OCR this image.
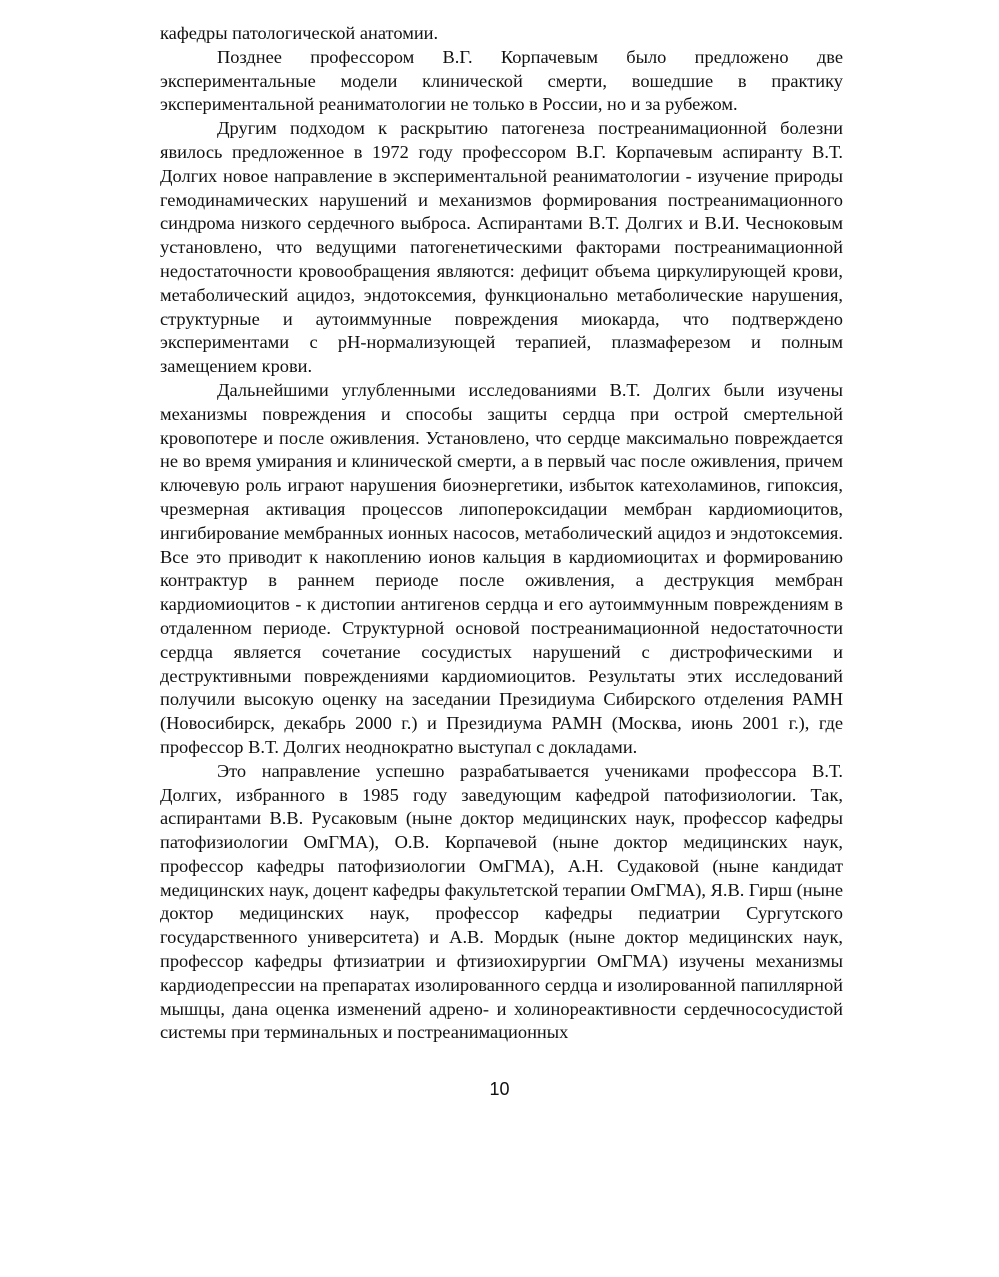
кафедры патологической анатомии.

Позднее профессором В.Г. Корпачевым было предложено две экспериментальные модели клинической смерти, вошедшие в практику экспериментальной реаниматологии не только в России, но и за рубежом.

Другим подходом к раскрытию патогенеза постреанимационной болезни явилось предложенное в 1972 году профессором В.Г. Корпачевым аспиранту В.Т. Долгих новое направление в экспериментальной реаниматологии - изучение природы гемодинамических нарушений и механизмов формирования постреанимационного синдрома низкого сердечного выброса. Аспирантами В.Т. Долгих и В.И. Чесноковым установлено, что ведущими патогенетическими факторами постреанимационной недостаточности кровообращения являются: дефицит объема циркулирующей крови, метаболический ацидоз, эндотоксемия, функционально метаболические нарушения, структурные и аутоиммунные повреждения миокарда, что подтверждено экспериментами с pH-нормализующей терапией, плазмаферезом и полным замещением крови.

Дальнейшими углубленными исследованиями В.Т. Долгих были изучены механизмы повреждения и способы защиты сердца при острой смертельной кровопотере и после оживления. Установлено, что сердце максимально повреждается не во время умирания и клинической смерти, а в первый час после оживления, причем ключевую роль играют нарушения биоэнергетики, избыток катехоламинов, гипоксия, чрезмерная активация процессов липопероксидации мембран кардиомиоцитов, ингибирование мембранных ионных насосов, метаболический ацидоз и эндотоксемия. Все это приводит к накоплению ионов кальция в кардиомиоцитах и формированию контрактур в раннем периоде после оживления, а деструкция мембран кардиомиоцитов - к дистопии антигенов сердца и его аутоиммунным повреждениям в отдаленном периоде. Структурной основой постреанимационной недостаточности сердца является сочетание сосудистых нарушений с дистрофическими и деструктивными повреждениями кардиомиоцитов. Результаты этих исследований получили высокую оценку на заседании Президиума Сибирского отделения РАМН (Новосибирск, декабрь 2000 г.) и Президиума РАМН (Москва, июнь 2001 г.), где профессор В.Т. Долгих неоднократно выступал с докладами.

Это направление успешно разрабатывается учениками профессора В.Т. Долгих, избранного в 1985 году заведующим кафедрой патофизиологии. Так, аспирантами В.В. Русаковым (ныне доктор медицинских наук, профессор кафедры патофизиологии ОмГМА), О.В. Корпачевой (ныне доктор медицинских наук, профессор кафедры патофизиологии ОмГМА), А.Н. Судаковой (ныне кандидат медицинских наук, доцент кафедры факультетской терапии ОмГМА), Я.В. Гирш (ныне доктор медицинских наук, профессор кафедры педиатрии Сургутского государственного университета) и А.В. Мордык (ныне доктор медицинских наук, профессор кафедры фтизиатрии и фтизиохирургии ОмГМА) изучены механизмы кардиодепрессии на препаратах изолированного сердца и изолированной папиллярной мышцы, дана оценка изменений адрено- и холинореактивности сердечнососудистой системы при терминальных и постреанимационных

10
